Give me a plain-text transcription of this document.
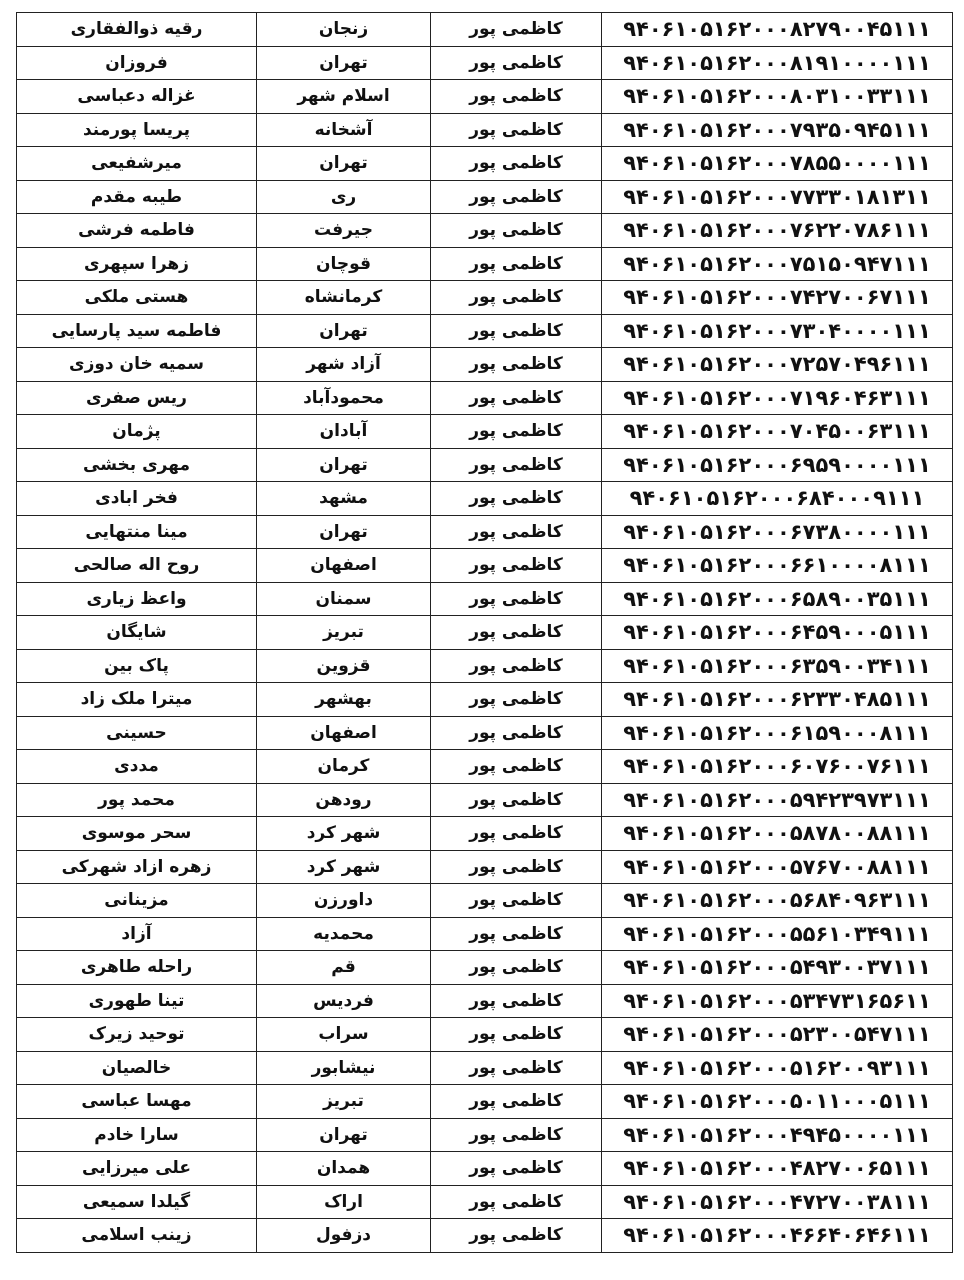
رقیه ذوالفقاری	زنجان	کاظمی پور	۹۴۰۶۱۰۵۱۶۲۰۰۰۸۲۷۹۰۰۴۵۱۱۱
فروزان	تهران	کاظمی پور	۹۴۰۶۱۰۵۱۶۲۰۰۰۸۱۹۱۰۰۰۰۱۱۱
غزاله دعباسی	اسلام شهر	کاظمی پور	۹۴۰۶۱۰۵۱۶۲۰۰۰۸۰۳۱۰۰۳۳۱۱۱
پریسا پورمند	آشخانه	کاظمی پور	۹۴۰۶۱۰۵۱۶۲۰۰۰۷۹۳۵۰۹۴۵۱۱۱
میرشفیعی	تهران	کاظمی پور	۹۴۰۶۱۰۵۱۶۲۰۰۰۷۸۵۵۰۰۰۰۱۱۱
طیبه مقدم	ری	کاظمی پور	۹۴۰۶۱۰۵۱۶۲۰۰۰۷۷۳۳۰۱۸۱۳۱۱
فاطمه فرشی	جیرفت	کاظمی پور	۹۴۰۶۱۰۵۱۶۲۰۰۰۷۶۲۲۰۷۸۶۱۱۱
زهرا سپهری	قوچان	کاظمی پور	۹۴۰۶۱۰۵۱۶۲۰۰۰۷۵۱۵۰۹۴۷۱۱۱
هستی ملکی	کرمانشاه	کاظمی پور	۹۴۰۶۱۰۵۱۶۲۰۰۰۷۴۲۷۰۰۶۷۱۱۱
فاطمه سید پارسایی	تهران	کاظمی پور	۹۴۰۶۱۰۵۱۶۲۰۰۰۷۳۰۴۰۰۰۰۱۱۱
سمیه خان دوزی	آزاد شهر	کاظمی پور	۹۴۰۶۱۰۵۱۶۲۰۰۰۷۲۵۷۰۴۹۶۱۱۱
ریس صفری	محمودآباد	کاظمی پور	۹۴۰۶۱۰۵۱۶۲۰۰۰۷۱۹۶۰۴۶۳۱۱۱
پژمان	آبادان	کاظمی پور	۹۴۰۶۱۰۵۱۶۲۰۰۰۷۰۴۵۰۰۶۳۱۱۱
مهری بخشی	تهران	کاظمی پور	۹۴۰۶۱۰۵۱۶۲۰۰۰۶۹۵۹۰۰۰۰۱۱۱
فخر ابادی	مشهد	کاظمی پور	۹۴۰۶۱۰۵۱۶۲۰۰۰۶۸۴۰۰۰۹۱۱۱
مینا منتهایی	تهران	کاظمی پور	۹۴۰۶۱۰۵۱۶۲۰۰۰۶۷۳۸۰۰۰۰۱۱۱
روح اله صالحی	اصفهان	کاظمی پور	۹۴۰۶۱۰۵۱۶۲۰۰۰۶۶۱۰۰۰۰۸۱۱۱
واعظ زیاری	سمنان	کاظمی پور	۹۴۰۶۱۰۵۱۶۲۰۰۰۶۵۸۹۰۰۳۵۱۱۱
شایگان	تبریز	کاظمی پور	۹۴۰۶۱۰۵۱۶۲۰۰۰۶۴۵۹۰۰۰۵۱۱۱
پاک بین	قزوین	کاظمی پور	۹۴۰۶۱۰۵۱۶۲۰۰۰۶۳۵۹۰۰۳۴۱۱۱
میترا ملک زاد	بهشهر	کاظمی پور	۹۴۰۶۱۰۵۱۶۲۰۰۰۶۲۳۳۰۴۸۵۱۱۱
حسینی	اصفهان	کاظمی پور	۹۴۰۶۱۰۵۱۶۲۰۰۰۶۱۵۹۰۰۰۸۱۱۱
مددی	کرمان	کاظمی پور	۹۴۰۶۱۰۵۱۶۲۰۰۰۶۰۷۶۰۰۷۶۱۱۱
محمد پور	رودهن	کاظمی پور	۹۴۰۶۱۰۵۱۶۲۰۰۰۵۹۴۲۳۹۷۳۱۱۱
سحر موسوی	شهر کرد	کاظمی پور	۹۴۰۶۱۰۵۱۶۲۰۰۰۵۸۷۸۰۰۸۸۱۱۱
زهره ازاد شهرکی	شهر کرد	کاظمی پور	۹۴۰۶۱۰۵۱۶۲۰۰۰۵۷۶۷۰۰۸۸۱۱۱
مزینانی	داورزن	کاظمی پور	۹۴۰۶۱۰۵۱۶۲۰۰۰۵۶۸۴۰۹۶۳۱۱۱
آزاد	محمدیه	کاظمی پور	۹۴۰۶۱۰۵۱۶۲۰۰۰۵۵۶۱۰۳۴۹۱۱۱
راحله طاهری	قم	کاظمی پور	۹۴۰۶۱۰۵۱۶۲۰۰۰۵۴۹۳۰۰۳۷۱۱۱
تینا طهوری	فردیس	کاظمی پور	۹۴۰۶۱۰۵۱۶۲۰۰۰۵۳۴۷۳۱۶۵۶۱۱
توحید زیرک	سراب	کاظمی پور	۹۴۰۶۱۰۵۱۶۲۰۰۰۵۲۳۰۰۵۴۷۱۱۱
خالصیان	نیشابور	کاظمی پور	۹۴۰۶۱۰۵۱۶۲۰۰۰۵۱۶۲۰۰۹۳۱۱۱
مهسا عباسی	تبریز	کاظمی پور	۹۴۰۶۱۰۵۱۶۲۰۰۰۵۰۱۱۰۰۰۵۱۱۱
سارا خادم	تهران	کاظمی پور	۹۴۰۶۱۰۵۱۶۲۰۰۰۴۹۴۵۰۰۰۰۱۱۱
علی میرزایی	همدان	کاظمی پور	۹۴۰۶۱۰۵۱۶۲۰۰۰۴۸۲۷۰۰۶۵۱۱۱
گیلدا سمیعی	اراک	کاظمی پور	۹۴۰۶۱۰۵۱۶۲۰۰۰۴۷۲۷۰۰۳۸۱۱۱
زینب اسلامی	دزفول	کاظمی پور	۹۴۰۶۱۰۵۱۶۲۰۰۰۴۶۶۴۰۶۴۶۱۱۱
